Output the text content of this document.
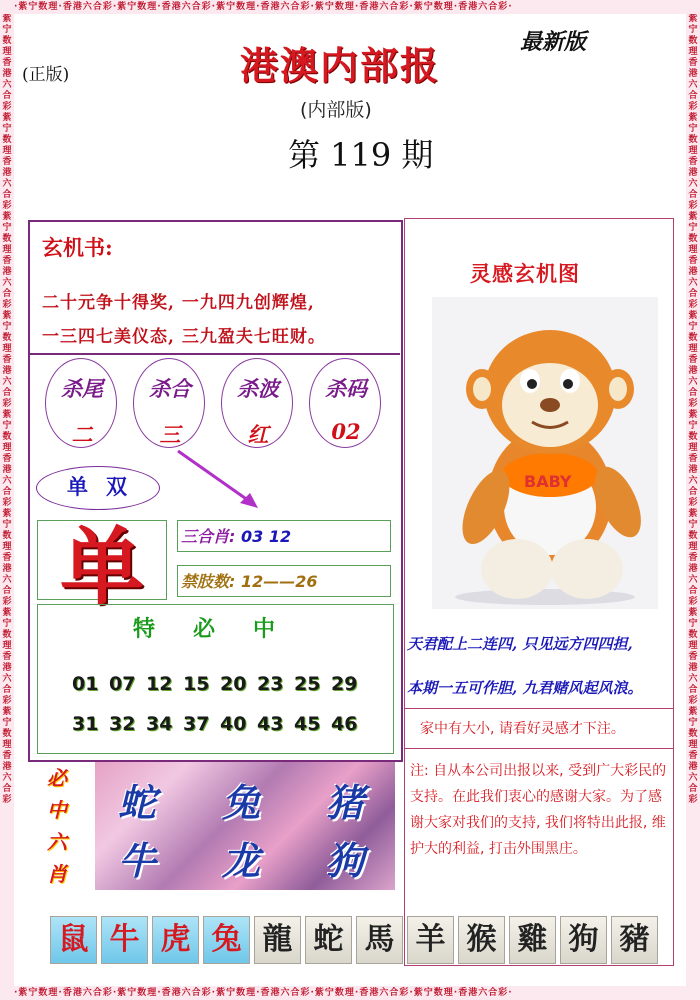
·紫宁数理·香港六合彩·紫宁数理·香港六合彩·紫宁数理·香港六合彩·紫宁数理·香港六合彩·紫宁数理·香港六合彩·
·紫宁数理·香港六合彩·紫宁数理·香港六合彩·紫宁数理·香港六合彩·紫宁数理·香港六合彩·紫宁数理·香港六合彩·
紫宁数理香港六合彩紫宁数理香港六合彩紫宁数理香港六合彩紫宁数理香港六合彩紫宁数理香港六合彩紫宁数理香港六合彩紫宁数理香港六合彩紫宁数理香港六合彩
紫宁数理香港六合彩紫宁数理香港六合彩紫宁数理香港六合彩紫宁数理香港六合彩紫宁数理香港六合彩紫宁数理香港六合彩紫宁数理香港六合彩紫宁数理香港六合彩
(正版)
最新版
港澳内部报
(内部版)
第 119 期
玄机书:
二十元争十得奖, 一九四九创辉煌,
一三四七美仪态, 三九盈夫七旺财。
杀尾
二
杀合
三
杀波
红
杀码
02
单双
单 三合肖: 03 12
禁肢数: 12——26
特必中
01 07 12 15 20 23 25 29
31 32 34 37 40 43 45 46
必
中
六
肖
蛇 兔 猪
牛 龙 狗
灵感玄机图
BABY
天君配上二连四, 只见远方四四担,
本期一五可作胆, 九君赌风起风浪。
家中有大小, 请看好灵感才下注。
注: 自从本公司出报以来, 受到广大彩民的支持。在此我们衷心的感谢大家。为了感谢大家对我们的支持, 我们将特出此报, 维护大的利益, 打击外围黑庄。
鼠 牛 虎 兔 龍 蛇 馬 羊 猴 雞 狗 豬
